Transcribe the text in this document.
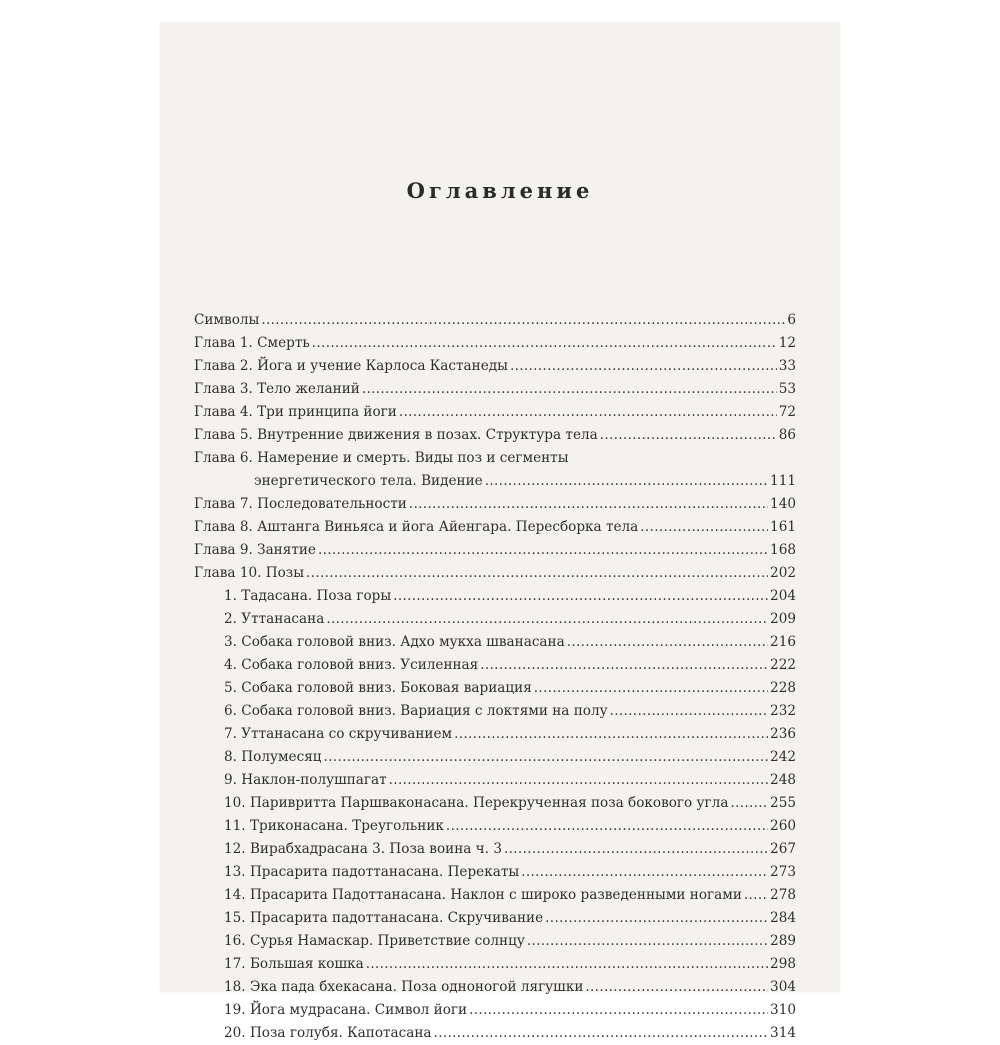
Оглавление
Символы . . .	6
Глава 1. Смерть . . .	12
Глава 2. Йога и учение Карлоса Кастанеды . . .	33
Глава 3. Тело желаний . . .	53
Глава 4. Три принципа йоги . . .	72
Глава 5. Внутренние движения в позах. Структура тела . . .	86
Глава 6. Намерение и смерть. Виды поз и сегменты
энергетического тела. Видение . . .	111
Глава 7. Последовательности . . .	140
Глава 8. Аштанга Виньяса и йога Айенгара. Пересборка тела . . .	161
Глава 9. Занятие . . .	168
Глава 10. Позы . . .	202
1. Тадасана. Поза горы . . .	204
2. Уттанасана . . .	209
3. Собака головой вниз. Адхо мукха шванасана . . .	216
4. Собака головой вниз. Усиленная . . .	222
5. Собака головой вниз. Боковая вариация . . .	228
6. Собака головой вниз. Вариация с локтями на полу . . .	232
7. Уттанасана со скручиванием . . .	236
8. Полумесяц . . .	242
9. Наклон-полушпагат . . .	248
10. Паривритта Паршваконасана. Перекрученная поза бокового угла . . .	255
11. Триконасана. Треугольник . . .	260
12. Вирабхадрасана 3. Поза воина ч. 3 . . .	267
13. Прасарита падоттанасана. Перекаты . . .	273
14. Прасарита Падоттанасана. Наклон с широко разведенными ногами . . . 278
15. Прасарита падоттанасана. Скручивание . . .	284
16. Сурья Намаскар. Приветствие солнцу . . .	289
17. Большая кошка . . .	298
18. Эка пада бхекасана. Поза одноногой лягушки . . .	304
19. Йога мудрасана. Символ йоги . . .	310
20. Поза голубя. Капотасана . . .	314
